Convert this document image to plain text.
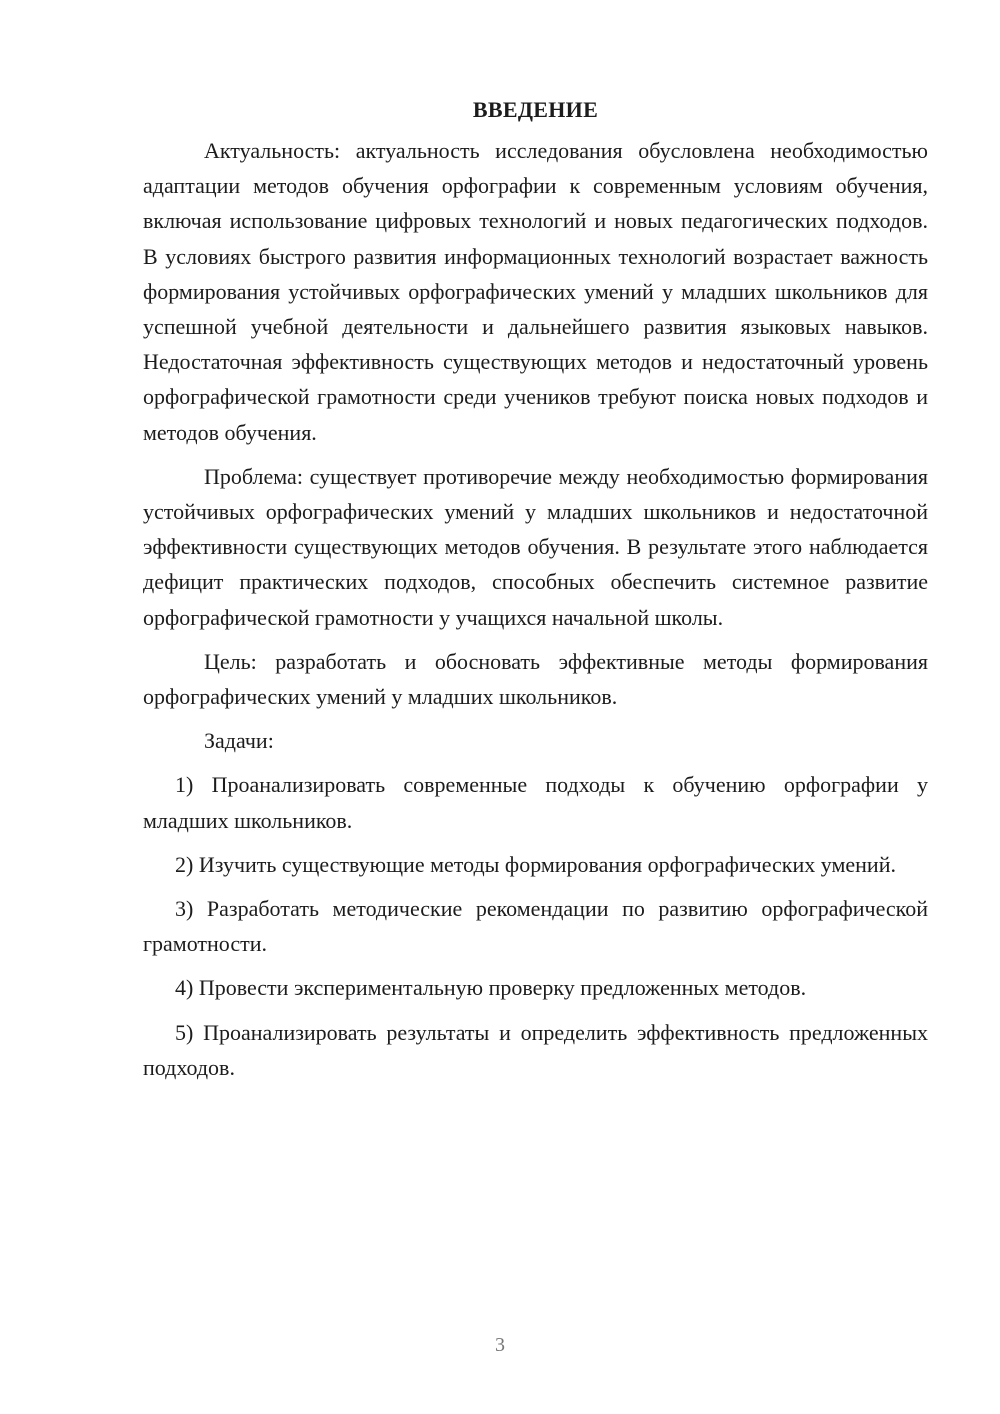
ВВЕДЕНИЕ

Актуальность: актуальность исследования обусловлена необходимостью адаптации методов обучения орфографии к современным условиям обучения, включая использование цифровых технологий и новых педагогических подходов. В условиях быстрого развития информационных технологий возрастает важность формирования устойчивых орфографических умений у младших школьников для успешной учебной деятельности и дальнейшего развития языковых навыков. Недостаточная эффективность существующих методов и недостаточный уровень орфографической грамотности среди учеников требуют поиска новых подходов и методов обучения.

Проблема: существует противоречие между необходимостью формирования устойчивых орфографических умений у младших школьников и недостаточной эффективности существующих методов обучения. В результате этого наблюдается дефицит практических подходов, способных обеспечить системное развитие орфографической грамотности у учащихся начальной школы.

Цель: разработать и обосновать эффективные методы формирования орфографических умений у младших школьников.

Задачи:

1) Проанализировать современные подходы к обучению орфографии у младших школьников.

2) Изучить существующие методы формирования орфографических умений.

3) Разработать методические рекомендации по развитию орфографической грамотности.

4) Провести экспериментальную проверку предложенных методов.

5) Проанализировать результаты и определить эффективность предложенных подходов.

3
